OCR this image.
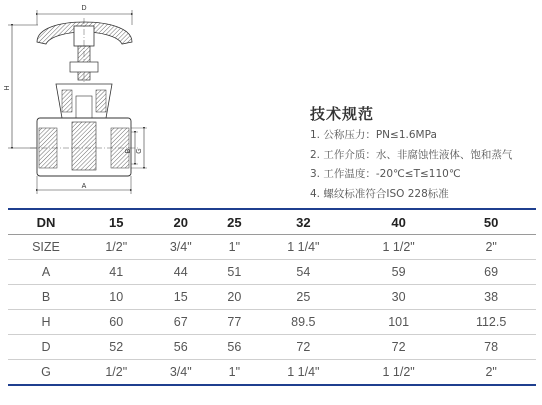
D
H
B G
A
技术规范
1. 公称压力：PN≤1.6MPa
2. 工作介质：水、非腐蚀性液体、饱和蒸气
3. 工作温度：-20℃≤T≤110℃
4. 螺纹标准符合ISO 228标准
DN	15	20	25	32	40	50
SIZE	1/2"	3/4"	1"	1 1/4"	1 1/2"	2"
A	41	44	51	54	59	69
B	10	15	20	25	30	38
H	60	67	77	89.5	101	112.5
D	52	56	56	72	72	78
G	1/2"	3/4"	1"	1 1/4"	1 1/2"	2"
